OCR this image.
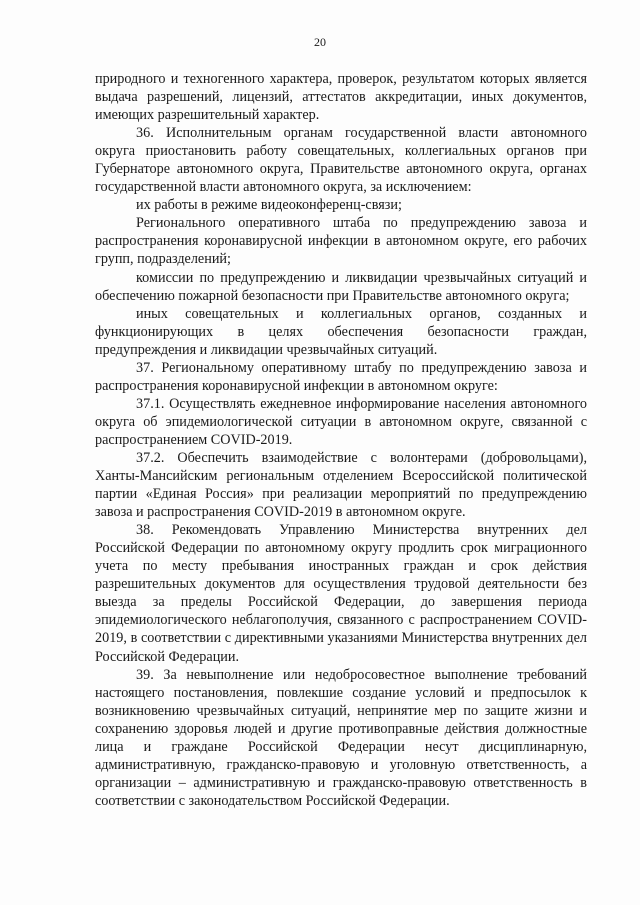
20

природного и техногенного характера, проверок, результатом которых является выдача разрешений, лицензий, аттестатов аккредитации, иных документов, имеющих разрешительный характер.

36. Исполнительным органам государственной власти автономного округа приостановить работу совещательных, коллегиальных органов при Губернаторе автономного округа, Правительстве автономного округа, органах государственной власти автономного округа, за исключением:

их работы в режиме видеоконференц-связи;

Регионального оперативного штаба по предупреждению завоза и распространения коронавирусной инфекции в автономном округе, его рабочих групп, подразделений;

комиссии по предупреждению и ликвидации чрезвычайных ситуаций и обеспечению пожарной безопасности при Правительстве автономного округа;

иных совещательных и коллегиальных органов, созданных и функционирующих в целях обеспечения безопасности граждан, предупреждения и ликвидации чрезвычайных ситуаций.

37. Региональному оперативному штабу по предупреждению завоза и распространения коронавирусной инфекции в автономном округе:

37.1. Осуществлять ежедневное информирование населения автономного округа об эпидемиологической ситуации в автономном округе, связанной с распространением COVID-2019.

37.2. Обеспечить взаимодействие с волонтерами (добровольцами), Ханты-Мансийским региональным отделением Всероссийской политической партии «Единая Россия» при реализации мероприятий по предупреждению завоза и распространения COVID-2019 в автономном округе.

38. Рекомендовать Управлению Министерства внутренних дел Российской Федерации по автономному округу продлить срок миграционного учета по месту пребывания иностранных граждан и срок действия разрешительных документов для осуществления трудовой деятельности без выезда за пределы Российской Федерации, до завершения периода эпидемиологического неблагополучия, связанного с распространением COVID-2019, в соответствии с директивными указаниями Министерства внутренних дел Российской Федерации.

39. За невыполнение или недобросовестное выполнение требований настоящего постановления, повлекшие создание условий и предпосылок к возникновению чрезвычайных ситуаций, непринятие мер по защите жизни и сохранению здоровья людей и другие противоправные действия должностные лица и граждане Российской Федерации несут дисциплинарную, административную, гражданско-правовую и уголовную ответственность, а организации – административную и гражданско-правовую ответственность в соответствии с законодательством Российской Федерации.
